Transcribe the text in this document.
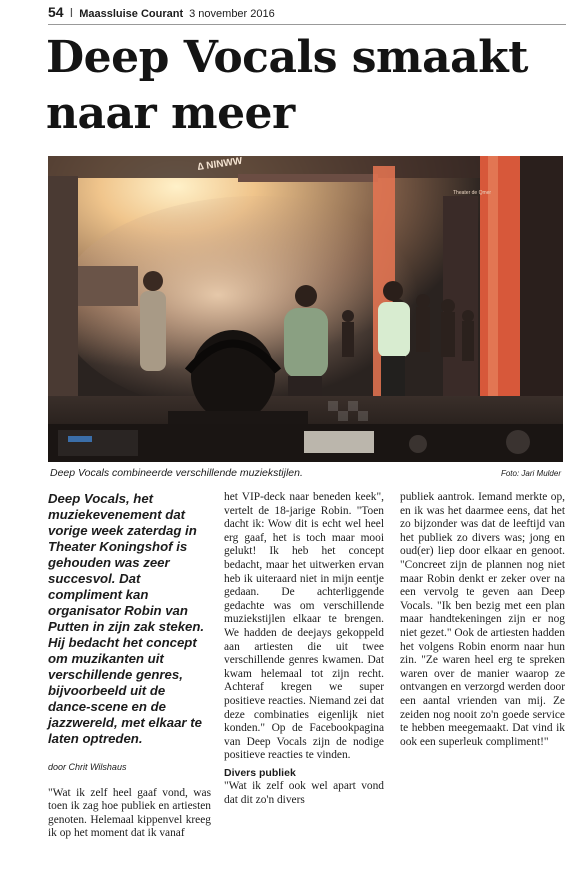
54 I Maassluise Courant 3 november 2016
Deep Vocals smaakt naar meer
∆ NINWW
Theater de Qmer
Deep Vocals combineerde verschillende muziekstijlen.	Foto: Jari Mulder

Deep Vocals, het muziekevenement dat vorige week zaterdag in Theater Koningshof is gehouden was zeer succesvol. Dat compliment kan organisator Robin van Putten in zijn zak steken. Hij bedacht het concept om muzikanten uit verschillende genres, bijvoorbeeld uit de dance-scene en de jazzwereld, met elkaar te laten optreden.

door Chrit Wilshaus

"Wat ik zelf heel gaaf vond, was toen ik zag hoe publiek en artiesten genoten. Helemaal kippenvel kreeg ik op het moment dat ik vanaf

het VIP-deck naar beneden keek", vertelt de 18-jarige Robin. "Toen dacht ik: Wow dit is echt wel heel erg gaaf, het is toch maar mooi gelukt! Ik heb het concept bedacht, maar het uitwerken ervan heb ik uiteraard niet in mijn eentje gedaan. De achterliggende gedachte was om verschillende muziekstijlen elkaar te brengen. We hadden de deejays gekoppeld aan artiesten die uit twee verschillende genres kwamen. Dat kwam helemaal tot zijn recht. Achteraf kregen we super positieve reacties. Niemand zei dat deze combinaties eigenlijk niet konden." Op de Facebookpagina van Deep Vocals zijn de nodige positieve reacties te vinden.

Divers publiek

"Wat ik zelf ook wel apart vond dat dit zo'n divers

publiek aantrok. Iemand merkte op, en ik was het daarmee eens, dat het zo bijzonder was dat de leeftijd van het publiek zo divers was; jong en oud(er) liep door elkaar en genoot. "Concreet zijn de plannen nog niet maar Robin denkt er zeker over na een vervolg te geven aan Deep Vocals. "Ik ben bezig met een plan maar handtekeningen zijn er nog niet gezet." Ook de artiesten hadden het volgens Robin enorm naar hun zin. "Ze waren heel erg te spreken waren over de manier waarop ze ontvangen en verzorgd werden door een aantal vrienden van mij. Ze zeiden nog nooit zo'n goede service te hebben meegemaakt. Dat vind ik ook een superleuk compliment!"
